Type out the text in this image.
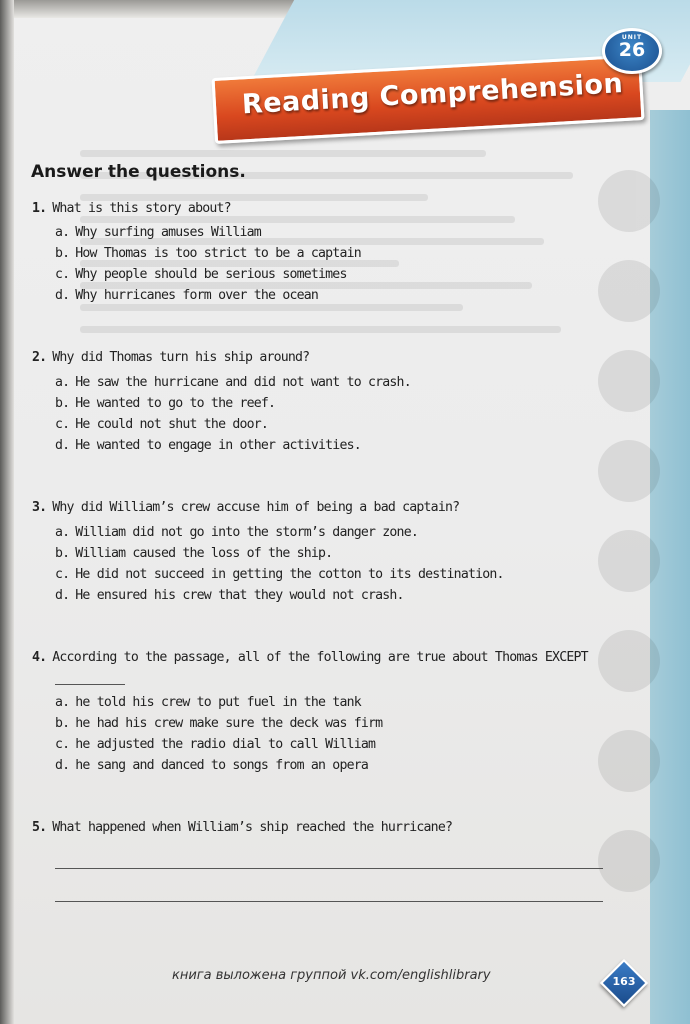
Reading Comprehension
UNIT
26
Answer the questions.
1. What is this story about?
a. Why surfing amuses William
b. How Thomas is too strict to be a captain
c. Why people should be serious sometimes
d. Why hurricanes form over the ocean
2. Why did Thomas turn his ship around?
a. He saw the hurricane and did not want to crash.
b. He wanted to go to the reef.
c. He could not shut the door.
d. He wanted to engage in other activities.
3. Why did William’s crew accuse him of being a bad captain?
a. William did not go into the storm’s danger zone.
b. William caused the loss of the ship.
c. He did not succeed in getting the cotton to its destination.
d. He ensured his crew that they would not crash.
4. According to the passage, all of the following are true about Thomas EXCEPT
a. he told his crew to put fuel in the tank
b. he had his crew make sure the deck was firm
c. he adjusted the radio dial to call William
d. he sang and danced to songs from an opera
5. What happened when William’s ship reached the hurricane?
книга выложена группой vk.com/englishlibrary	163
